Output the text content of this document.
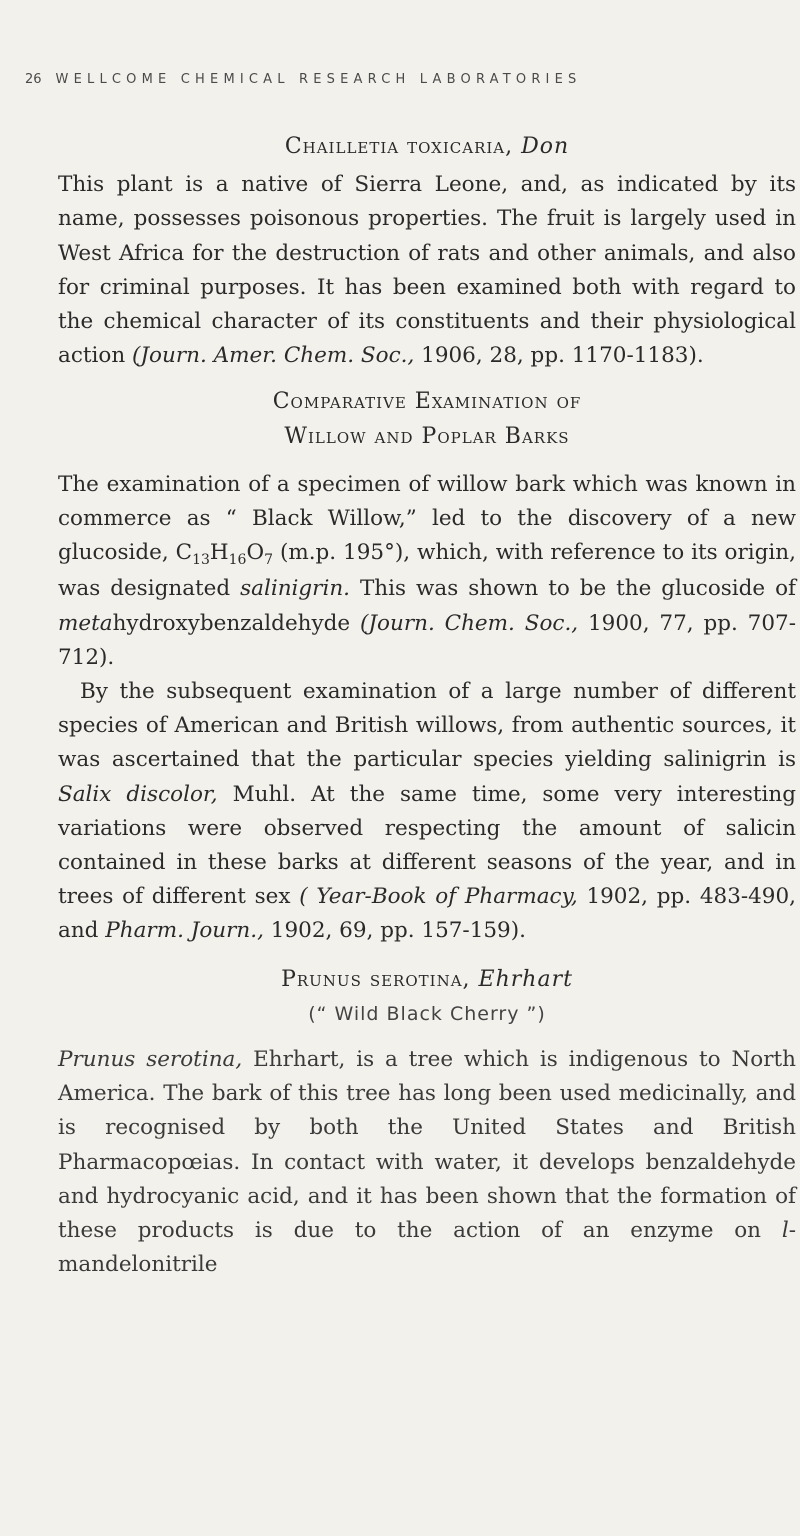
26 WELLCOME CHEMICAL RESEARCH LABORATORIES

Chailletia toxicaria, Don

This plant is a native of Sierra Leone, and, as indicated by its name, possesses poisonous properties. The fruit is largely used in West Africa for the destruction of rats and other animals, and also for criminal purposes. It has been examined both with regard to the chemical character of its constituents and their physiological action (Journ. Amer. Chem. Soc., 1906, 28, pp. 1170-1183).

Comparative Examination of

Willow and Poplar Barks

The examination of a specimen of willow bark which was known in commerce as “ Black Willow,” led to the discovery of a new glucoside, $C_{13}H_{16}O_7$ (m.p. 195°), which, with reference to its origin, was designated salinigrin. This was shown to be the glucoside of metahydroxybenzaldehyde (Journ. Chem. Soc., 1900, 77, pp. 707-712).

By the subsequent examination of a large number of different species of American and British willows, from authentic sources, it was ascertained that the particular species yielding salinigrin is Salix discolor, Muhl. At the same time, some very interesting variations were observed respecting the amount of salicin contained in these barks at different seasons of the year, and in trees of different sex ( Year-Book of Pharmacy, 1902, pp. 483-490, and Pharm. Journ., 1902, 69, pp. 157-159).

Prunus serotina, Ehrhart

(“ Wild Black Cherry ”)

Prunus serotina, Ehrhart, is a tree which is indigenous to North America. The bark of this tree has long been used medicinally, and is recognised by both the United States and British Pharmacopœias. In contact with water, it develops benzaldehyde and hydrocyanic acid, and it has been shown that the formation of these products is due to the action of an enzyme on l-mandelonitrile
